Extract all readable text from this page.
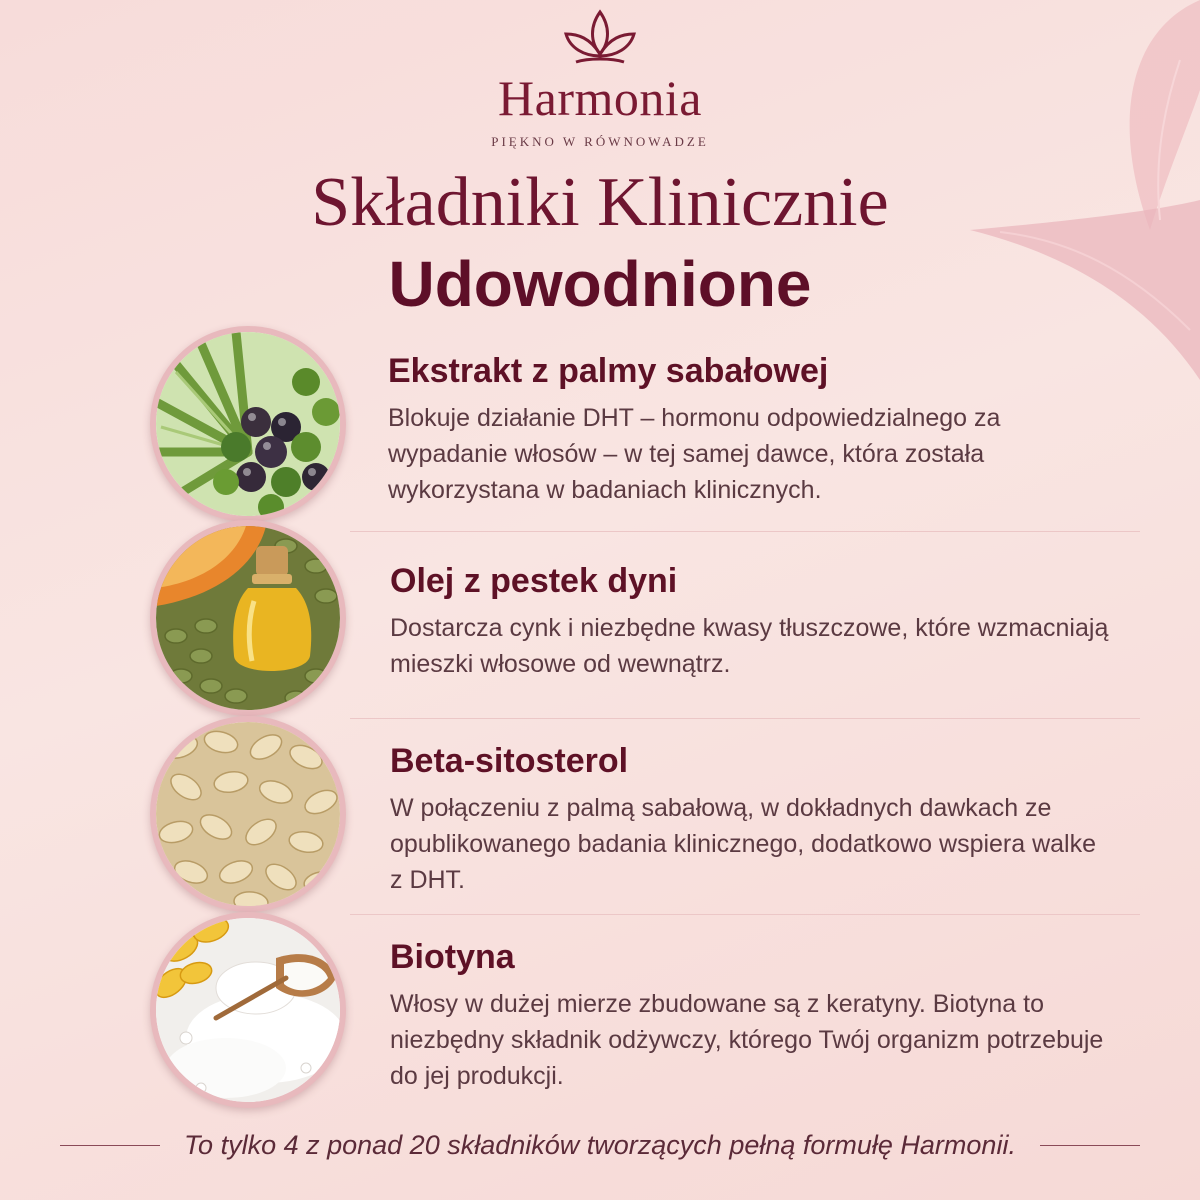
Harmonia
PIĘKNO W RÓWNOWADZE
Składniki Klinicznie
Udowodnione
Ekstrakt z palmy sabałowej
Blokuje działanie DHT – hormonu odpowiedzialnego za wypadanie włosów – w tej samej dawce, która została wykorzystana w badaniach klinicznych.
Olej z pestek dyni
Dostarcza cynk i niezbędne kwasy tłuszczowe, które wzmacniają mieszki włosowe od wewnątrz.
Beta-sitosterol
W połączeniu z palmą sabałową, w dokładnych dawkach ze opublikowanego badania klinicznego, dodatkowo wspiera walke z DHT.
Biotyna
Włosy w dużej mierze zbudowane są z keratyny. Biotyna to niezbędny składnik odżywczy, którego Twój organizm potrzebuje do jej produkcji.
To tylko 4 z ponad 20 składników tworzących pełną formułę Harmonii.
